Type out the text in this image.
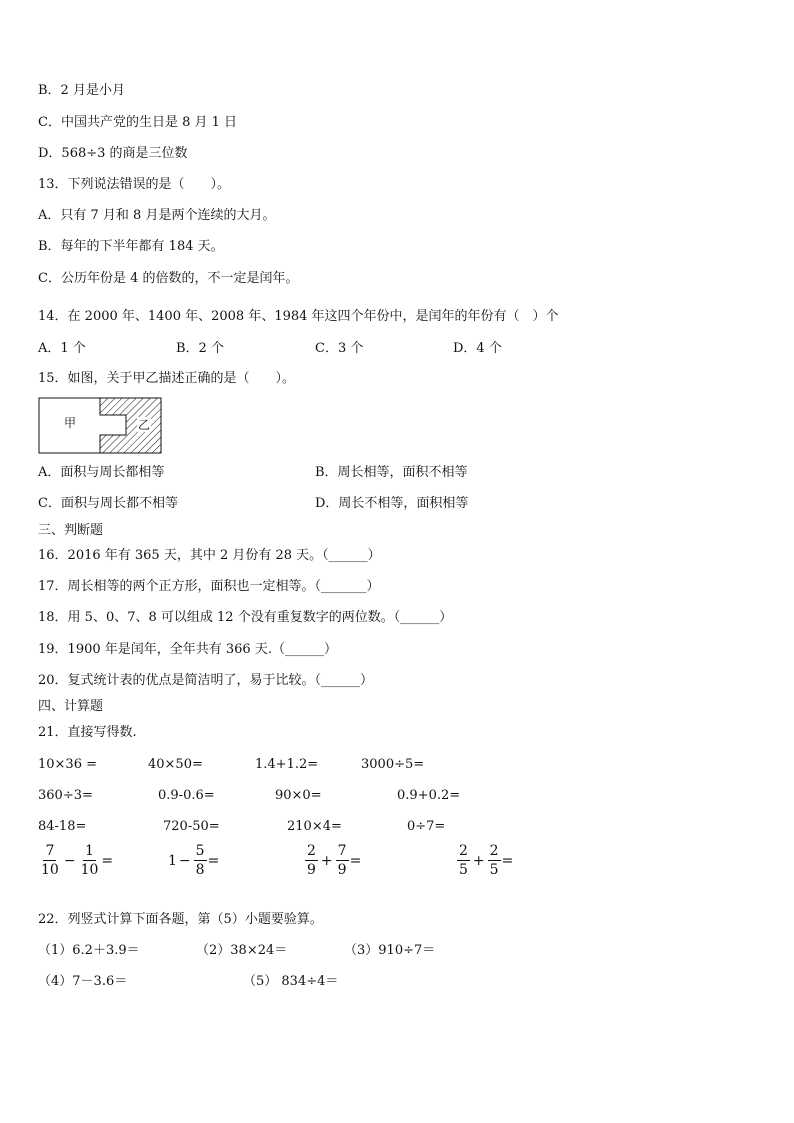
B．2 月是小月
C．中国共产党的生日是 8 月 1 日
D．568÷3 的商是三位数
13．下列说法错误的是（　　）。
A．只有 7 月和 8 月是两个连续的大月。
B．每年的下半年都有 184 天。
C．公历年份是 4 的倍数的，不一定是闰年。
14．在 2000 年、1400 年、2008 年、1984 年这四个年份中，是闰年的年份有（　）个
A．1 个	B．2 个	C．3 个	D．4 个
15．如图，关于甲乙描述正确的是（　　）。
甲	乙
A．面积与周长都相等	B．周长相等，面积不相等
C．面积与周长都不相等	D．周长不相等，面积相等
三、判断题
16．2016 年有 365 天，其中 2 月份有 28 天。（______）
17．周长相等的两个正方形，面积也一定相等。（_______）
18．用 5、0、7、8 可以组成 12 个没有重复数字的两位数。（______）
19．1900 年是闰年，全年共有 366 天.（______）
20．复式统计表的优点是简洁明了，易于比较。（______）
四、计算题
21．直接写得数.
10×36 =	40×50=	1.4+1.2=	3000÷5=
360÷3=	0.9-0.6=	90×0=	0.9+0.2=
84-18=	720-50=	210×4=	0÷7=
$\frac{7}{10} - \frac{1}{10}$ =	$1 - \frac{5}{8}$ =	$\frac{2}{9} + \frac{7}{9}$ =	$\frac{2}{5} + \frac{2}{5}$ =
22．列竖式计算下面各题，第（5）小题要验算。
（1）6.2＋3.9＝	（2）38×24＝	（3）910÷7＝
（4）7－3.6＝	（5） 834÷4＝
